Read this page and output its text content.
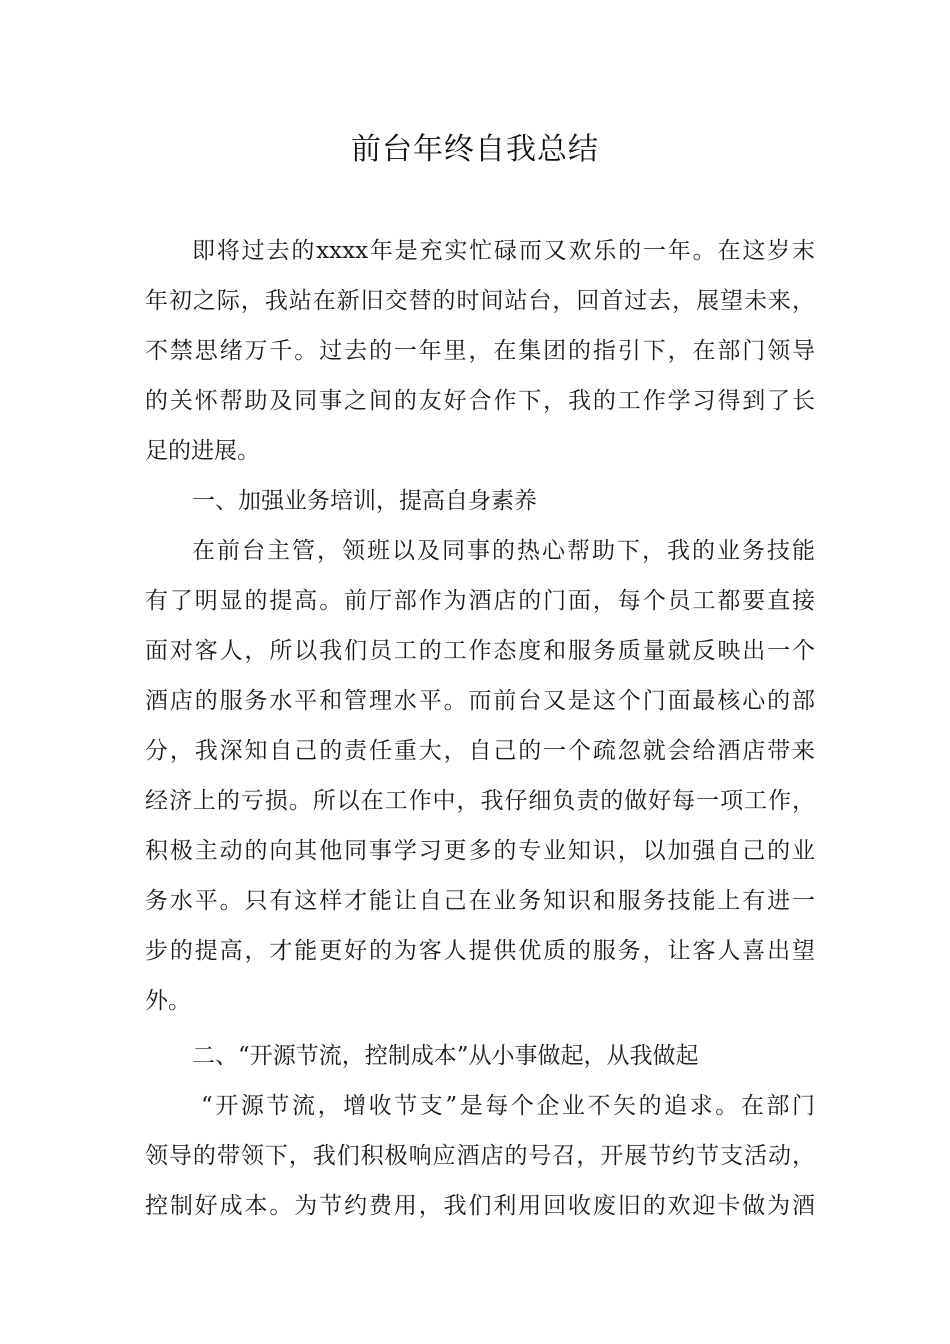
前台年终自我总结
即将过去的xxxx年是充实忙碌而又欢乐的一年。在这岁末
年初之际，我站在新旧交替的时间站台，回首过去，展望未来，
不禁思绪万千。过去的一年里，在集团的指引下，在部门领导
的关怀帮助及同事之间的友好合作下，我的工作学习得到了长
足的进展。
一、加强业务培训，提高自身素养
在前台主管，领班以及同事的热心帮助下，我的业务技能
有了明显的提高。前厅部作为酒店的门面，每个员工都要直接
面对客人，所以我们员工的工作态度和服务质量就反映出一个
酒店的服务水平和管理水平。而前台又是这个门面最核心的部
分，我深知自己的责任重大，自己的一个疏忽就会给酒店带来
经济上的亏损。所以在工作中，我仔细负责的做好每一项工作，
积极主动的向其他同事学习更多的专业知识，以加强自己的业
务水平。只有这样才能让自己在业务知识和服务技能上有进一
步的提高，才能更好的为客人提供优质的服务，让客人喜出望
外。
二、“开源节流，控制成本”从小事做起，从我做起
“开源节流，增收节支”是每个企业不矢的追求。在部门
领导的带领下，我们积极响应酒店的号召，开展节约节支活动，
控制好成本。为节约费用，我们利用回收废旧的欢迎卡做为酒
